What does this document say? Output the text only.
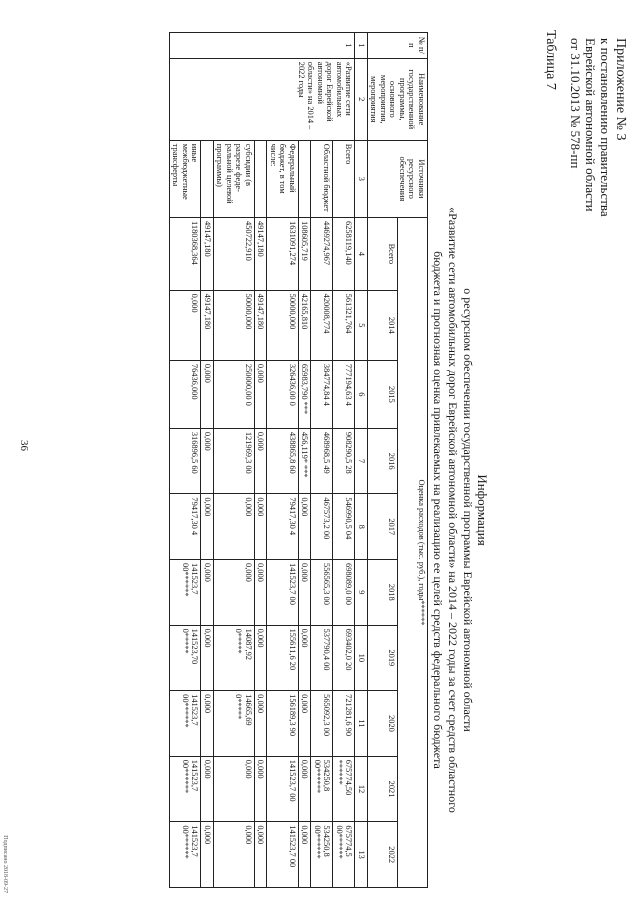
Приложение № 3
к постановлению правительства
Еврейской автономной области
от 31.10.2013 № 578-пп
Таблица 7
36
Информация
о ресурсном обеспечении государственной программы Еврейской автономной области
«Развитие сети автомобильных дорог Еврейской автономной области» на 2014 – 2022 годы за счет средств областного
бюджета и прогнозная оценка привлекаемых на реализацию ее целей средств федерального бюджета
№ п/п	Наименование государственной программы, основного мероприятия, мероприятия	Источники ресурсного обеспечения	Оценка расходов (тыс. руб.), годы******									
			Всего	2014	2015	2016	2017	2018	2019	2020	2021	2022
1	2	3	4	5	6	7	8	9	10	11	12	13
1	«Развитие сети автомобильных дорог Еврейской автономной области» на 2014 – 2022 годы	Всего	6258119,140	561321,764	777194,63 4	908290,5 28	546990,5 04	698089,0 00	693402,0 20	721281,6 90	675774,50 ******	675774,5 00******
		Областной бюджет	4469274,967	420008,774	384774,84 4	468968,5 49	467573,2 00	556565,3 00	537790,4 00	565092,3 00	534250,8 00******	534250,8 00******
			108605,719	42165,810	65983,790 ***	456,119* ***	0,000	0,000	0,000	0,000	0,000	0,000
		Федеральный бюджет, в том числе:	1631091,274	50000,000	326436,00 0	438865,8 60	79417,30 4	141523,7 00	155611,6 20	156189,3 90	141523,7 00	141523,7 00
			49147,180	49147,180	0,000	0,000	0,000	0,000	0,000	0,000	0,000	0,000
		субсидии (в разрезе федеральной целевой программы)	450722,910	50000,000	250000,00 0	121969,3 00	0,000	0,000	14087,92 0*****	14665,69 0*****	0,000	0,000
			49147,180	49147,180	0,000	0,000	0,000	0,000	0,000	0,000	0,000	0,000
		иные межбюджетные трансферты	1180368,364	0,000	76436,000	316896,5 60	79417,30 4	141523,7 00******	141523,70 0*****	141523,7 00******	141523,7 00******	141523,7 00******
Подписано 2018-09-27
